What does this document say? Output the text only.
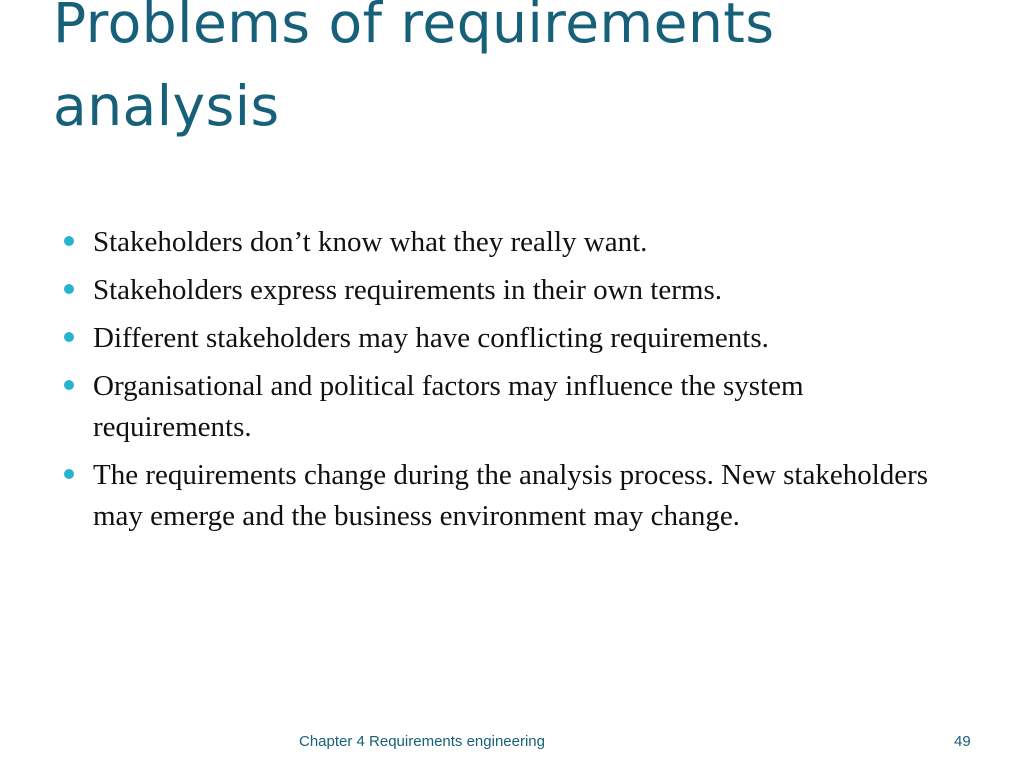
Problems of requirements analysis
Stakeholders don’t know what they really want.
Stakeholders express requirements in their own terms.
Different stakeholders may have conflicting requirements.
Organisational and political factors may influence the system requirements.
The requirements change during the analysis process. New stakeholders may emerge and the business environment may change.
Chapter 4 Requirements engineering	49
